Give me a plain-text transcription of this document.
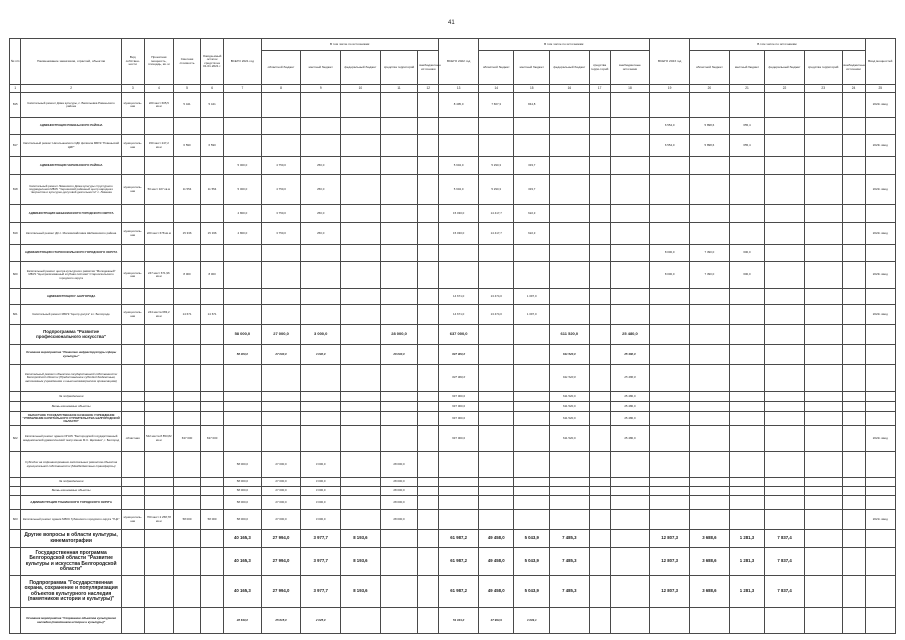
41
№ п/п	Наименование заказчиков, отраслей, объектов	Вид собствен-ности	Проектная мощность, площадь, кв. м	Сметная стоимость	Ожида-емый остаток средств на 01.01.2021 г.	ВСЕГО 2021 год	В том числе по источникам:					ВСЕГО 2022 год	В том числе по источникам:					ВСЕГО 2023 год	В том числе по источникам:					Ввод мощностей
							областной бюджет	местный бюджет	федеральный бюджет	средства территорий	внебюджетные источники		областной бюджет	местный бюджет	федеральный бюджет	средства терри-торий	внебюджетные источники		областной бюджет	местный бюджет	федеральный бюджет	средства территорий	внебюджетные источники	
1	2	3	4	5	6	7	8	9	10	11	12	13	14	15	16	17	18	19	20	21	22	23	24	25
815	Капитальный ремонт Дома культуры, с. Васильевка Ровеньского района	муници-паль-ная	220 мест 605,5 кв.м	5 441	5 441							8 495,0	7 667,3	844,8										2022г. ввод
	АДМИНИСТРАЦИЯ РОВЕНЬСКОГО РАЙОНА																	6 554,0	5 898,6	655,4				
817	Капитальный ремонт Нагольненского СДК филиала МБУК "Ровеньский ЦКР"	муници-паль-ная	150 мест 247,2 кв.м	6 590	6 590													6 554,0	5 898,6	655,4				2023г. ввод
	АДМИНИСТРАЦИЯ ЧЕРНЯНСКОГО РАЙОНА					5 000,0	4 750,0	250,0				5 604,0	5 290,3	333,7										
818	Капитальный ремонт Ливенского Дома культуры структурного подразделения МБУК "Чернянский районный центр народного творчества и культурно-досуговой деятельности" с. Ливенка	муници-паль-ная	50 мест 327 кв.м	11 554	11 554	5 000,0	4 750,0	250,0				5 604,0	5 290,3	333,7										2022г. ввод
	АДМИНИСТРАЦИЯ ШЕБЕКИНСКОГО ГОРОДСКОГО ОКРУГА					4 800,0	3 750,0	250,0				15 030,0	14 417,7	622,3										
819	Капитальный ремонт ДК с. Маломихайловка Шебекинского района	муници-паль-ная	220 мест 678 кв.м	15 336	15 336	4 800,0	3 750,0	250,0				15 030,0	14 417,7	622,3										2022г. ввод
	АДМИНИСТРАЦИЯ СТАРООСКОЛЬСКОГО ГОРОДСКОГО ОКРУГА																	8 000,0	7 390,0	600,0				
820	Капитальный ремонт центра культурного развития "Молодежный" МБУК "Централизованный клубная система" Старооскольского городского округа	муници-паль-ная	247 мест 671,96 кв.м	8 000	8 000													8 000,0	7 390,0	600,0				2023г. ввод
	АДМИНИСТРАЦИЯ Г. БЕЛГОРОДА											14 671,0	13 474,0	1 097,0										
821	Капитальный ремонт МБУК "Центр досуга" в г. Белгороде	муници-паль-ная	244 места 683,2 кв.м	14 671	14 671							14 671,0	13 474,0	1 097,0										2022г. ввод
	Подпрограмма "Развитие профессионального искусства"					58 000,0	27 000,0	3 000,0		28 000,0		637 000,0			611 520,0		25 480,0							
	Основное мероприятие "Развитие инфраструктуры сферы культуры"					58 000,0	27 000,0	3 000,0		28 000,0		637 000,0			611 520,0		25 480,0							
	Капитальный ремонт объектов государственной собственности Белгородской области (Предоставление субсидий бюджетным, автономным учреждениям и иным некоммерческим организациям)											637 000,0			611 520,0		25 480,0							
	За подразделения											637 000,0			611 520,0		25 480,0							
	Вновь начинаемые объекты											637 000,0			611 520,0		25 480,0							
	ОБЛАСТНОЕ ГОСУДАРСТВЕННОЕ КАЗЕННОЕ УЧРЕЖДЕНИЕ "УПРАВЛЕНИЕ КАПИТАЛЬНОГО СТРОИТЕЛЬСТВА БЕЛГОРОДСКОЙ ОБЛАСТИ"											637 000,0			611 520,0		25 480,0							
822	Капитальный ремонт здания ОГАУК "Белгородский государственный академический драматический театр имени М.С. Щепкина", г. Белгород	областная	542 места 8 853,82 кв.м	637 000	637 000							637 000,0			611 520,0		25 480,0							2022г. ввод
	Субсидии на софинансирование капитальных ремонтов объектов муниципальной собственности (Межбюджетные трансферты)					58 000,0	27 000,0	3 000,0		28 000,0														
	За подразделения					58 000,0	27 000,0	3 000,0		28 000,0														
	Вновь начинаемые объекты					58 000,0	27 000,0	3 000,0		28 000,0														
	АДМИНИСТРАЦИЯ ГУБКИНСКОГО ГОРОДСКОГО ОКРУГА					58 000,0	27 000,0	3 000,0		28 000,0														
823	Капитальный ремонт здания МБУК Губкинского городского округа "ГЦК"	муници-паль-ная	700 мест 2 258,78 кв.м	58 000	58 000	58 000,0	27 000,0	3 000,0		28 000,0														2021г. ввод
	Другие вопросы в области культуры, кинематографии					40 165,3	27 994,0	3 977,7	8 193,6			61 987,2	49 458,0	5 043,9	7 485,3			12 807,3	3 688,6	1 281,3	7 837,4			
	Государственная программа Белгородской области "Развитие культуры и искусства Белгородской области"					40 165,3	27 994,0	3 977,7	8 193,6			61 987,2	49 458,0	5 043,9	7 485,3			12 807,3	3 688,6	1 281,3	7 837,4			
	Подпрограмма "Государственная охрана, сохранение и популяризация объектов культурного наследия (памятников истории и культуры)"					40 165,3	27 994,0	3 977,7	8 193,6			61 987,2	49 458,0	5 043,9	7 485,3			12 807,3	3 688,6	1 281,3	7 837,4			
	Основное мероприятие "Сохранение объектов культурного наследия (памятников истории и культуры)"					28 640,0	25 615,0	2 025,0				51 043,0	47 993,9	3 049,1										
